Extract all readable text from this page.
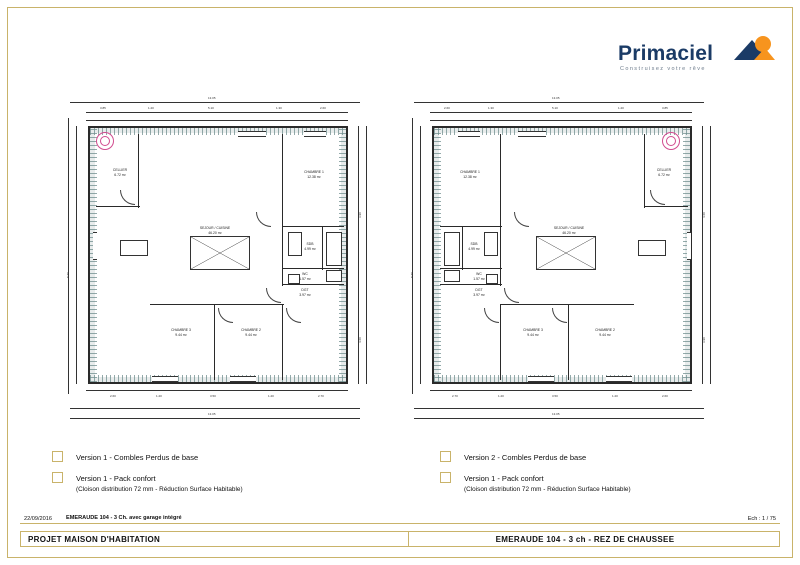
Primaciel
Construisez votre rêve
13.05
3.85	1.20	5.10	1.30	2.60
8.70
3.90
4.60
2.60	1.20	3.50	1.20	2.70
13.05
CELLIER
6.72 m²
SEJOUR / CUISINE
46.20 m²
CHAMBRE 1
12.38 m²
SDB
4.99 m²
WC
1.57 m²
DGT
3.97 m²
CHAMBRE 3
9.44 m²
CHAMBRE 2
9.44 m²
13.05
2.60	1.30	5.10	1.20	3.85
8.70
4.60
3.90
2.70	1.20	3.50	1.20	2.60
13.05
CHAMBRE 1
12.38 m²
CELLIER
6.72 m²
SEJOUR / CUISINE
46.20 m²
SDB
4.99 m²
WC
1.57 m²
DGT
3.97 m²
CHAMBRE 3
9.44 m²
CHAMBRE 2
9.44 m²
Version 1 - Combles Perdus de base
Version 1 - Pack confort
(Cloison distribution 72 mm - Réduction Surface Habitable)
Version 2 - Combles Perdus de base
Version 1 - Pack confort
(Cloison distribution 72 mm - Réduction Surface Habitable)
22/09/2016	EMERAUDE 104 - 3 Ch. avec garage intégré	Ech : 1 / 75
PROJET MAISON D'HABITATION	EMERAUDE 104 - 3 ch - REZ DE CHAUSSEE
